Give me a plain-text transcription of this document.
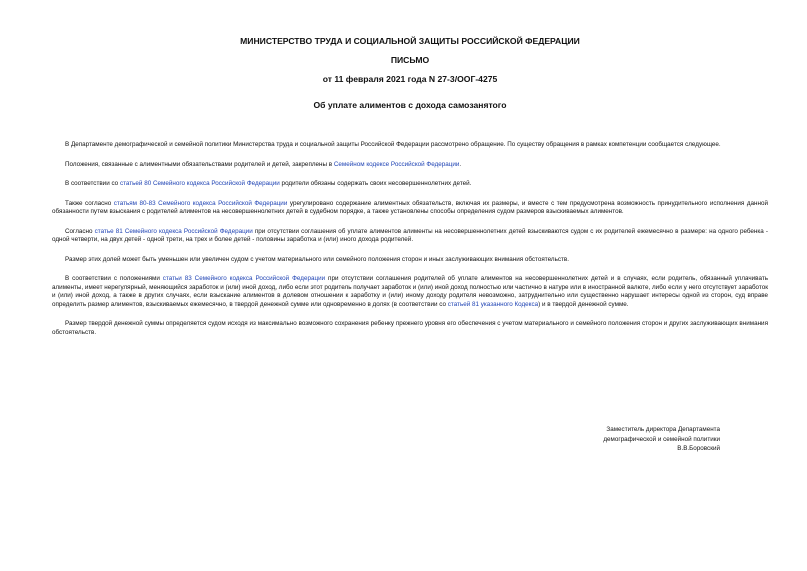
МИНИСТЕРСТВО ТРУДА И СОЦИАЛЬНОЙ ЗАЩИТЫ РОССИЙСКОЙ ФЕДЕРАЦИИ

ПИСЬМО

от 11 февраля 2021 года N 27-3/ООГ-4275

Об уплате алиментов с дохода самозанятого

В Департаменте демографической и семейной политики Министерства труда и социальной защиты Российской Федерации рассмотрено обращение. По существу обращения в рамках компетенции сообщается следующее.

Положения, связанные с алиментными обязательствами родителей и детей, закреплены в Семейном кодексе Российской Федерации.

В соответствии со статьей 80 Семейного кодекса Российской Федерации родители обязаны содержать своих несовершеннолетних детей.

Также согласно статьям 80-83 Семейного кодекса Российской Федерации урегулировано содержание алиментных обязательств, включая их размеры, и вместе с тем предусмотрена возможность принудительного исполнения данной обязанности путем взыскания с родителей алиментов на несовершеннолетних детей в судебном порядке, а также установлены способы определения судом размеров взыскиваемых алиментов.

Согласно статье 81 Семейного кодекса Российской Федерации при отсутствии соглашения об уплате алиментов алименты на несовершеннолетних детей взыскиваются судом с их родителей ежемесячно в размере: на одного ребенка - одной четверти, на двух детей - одной трети, на трех и более детей - половины заработка и (или) иного дохода родителей.

Размер этих долей может быть уменьшен или увеличен судом с учетом материального или семейного положения сторон и иных заслуживающих внимания обстоятельств.

В соответствии с положениями статьи 83 Семейного кодекса Российской Федерации при отсутствии соглашения родителей об уплате алиментов на несовершеннолетних детей и в случаях, если родитель, обязанный уплачивать алименты, имеет нерегулярный, меняющийся заработок и (или) иной доход, либо если этот родитель получает заработок и (или) иной доход полностью или частично в натуре или в иностранной валюте, либо если у него отсутствует заработок и (или) иной доход, а также в других случаях, если взыскание алиментов в долевом отношении к заработку и (или) иному доходу родителя невозможно, затруднительно или существенно нарушает интересы одной из сторон, суд вправе определить размер алиментов, взыскиваемых ежемесячно, в твердой денежной сумме или одновременно в долях (в соответствии со статьей 81 указанного Кодекса) и в твердой денежной сумме.

Размер твердой денежной суммы определяется судом исходя из максимально возможного сохранения ребенку прежнего уровня его обеспечения с учетом материального и семейного положения сторон и других заслуживающих внимания обстоятельств.

Заместитель директора Департамента
демографической и семейной политики
В.В.Боровский
